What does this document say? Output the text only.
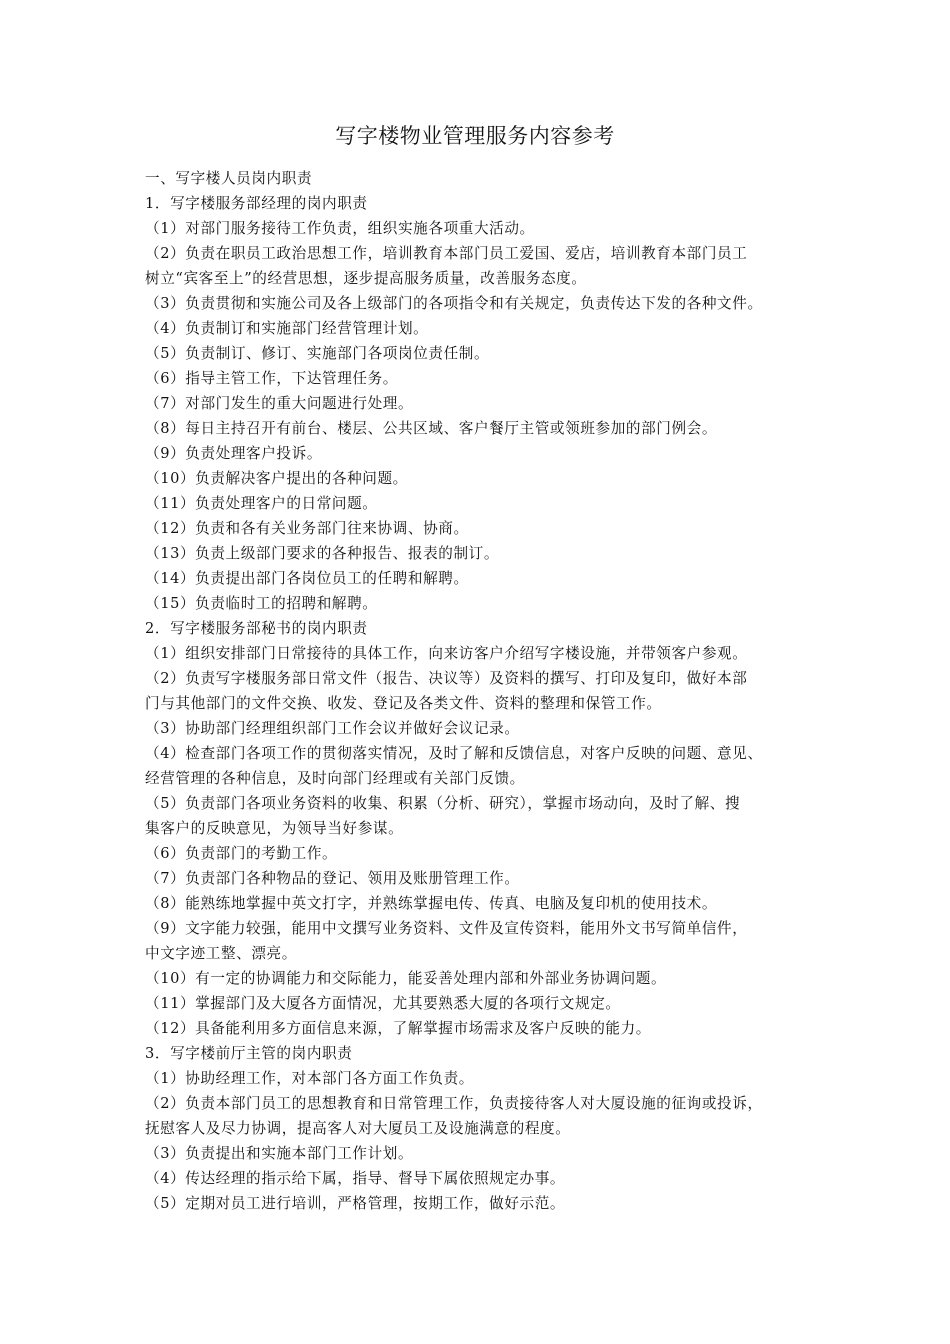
写字楼物业管理服务内容参考
一、写字楼人员岗内职责
1．写字楼服务部经理的岗内职责
（1）对部门服务接待工作负责，组织实施各项重大活动。
（2）负责在职员工政治思想工作，培训教育本部门员工爱国、爱店，培训教育本部门员工
树立“宾客至上”的经营思想，逐步提高服务质量，改善服务态度。
（3）负责贯彻和实施公司及各上级部门的各项指令和有关规定，负责传达下发的各种文件。
（4）负责制订和实施部门经营管理计划。
（5）负责制订、修订、实施部门各项岗位责任制。
（6）指导主管工作，下达管理任务。
（7）对部门发生的重大问题进行处理。
（8）每日主持召开有前台、楼层、公共区域、客户餐厅主管或领班参加的部门例会。
（9）负责处理客户投诉。
（10）负责解决客户提出的各种问题。
（11）负责处理客户的日常问题。
（12）负责和各有关业务部门往来协调、协商。
（13）负责上级部门要求的各种报告、报表的制订。
（14）负责提出部门各岗位员工的任聘和解聘。
（15）负责临时工的招聘和解聘。
2．写字楼服务部秘书的岗内职责
（1）组织安排部门日常接待的具体工作，向来访客户介绍写字楼设施，并带领客户参观。
（2）负责写字楼服务部日常文件（报告、决议等）及资料的撰写、打印及复印，做好本部
门与其他部门的文件交换、收发、登记及各类文件、资料的整理和保管工作。
（3）协助部门经理组织部门工作会议并做好会议记录。
（4）检查部门各项工作的贯彻落实情况，及时了解和反馈信息，对客户反映的问题、意见、
经营管理的各种信息，及时向部门经理或有关部门反馈。
（5）负责部门各项业务资料的收集、积累（分析、研究），掌握市场动向，及时了解、搜
集客户的反映意见，为领导当好参谋。
（6）负责部门的考勤工作。
（7）负责部门各种物品的登记、领用及账册管理工作。
（8）能熟练地掌握中英文打字，并熟练掌握电传、传真、电脑及复印机的使用技术。
（9）文字能力较强，能用中文撰写业务资料、文件及宣传资料，能用外文书写简单信件，
中文字迹工整、漂亮。
（10）有一定的协调能力和交际能力，能妥善处理内部和外部业务协调问题。
（11）掌握部门及大厦各方面情况，尤其要熟悉大厦的各项行文规定。
（12）具备能利用多方面信息来源，了解掌握市场需求及客户反映的能力。
3．写字楼前厅主管的岗内职责
（1）协助经理工作，对本部门各方面工作负责。
（2）负责本部门员工的思想教育和日常管理工作，负责接待客人对大厦设施的征询或投诉，
抚慰客人及尽力协调，提高客人对大厦员工及设施满意的程度。
（3）负责提出和实施本部门工作计划。
（4）传达经理的指示给下属，指导、督导下属依照规定办事。
（5）定期对员工进行培训，严格管理，按期工作，做好示范。
